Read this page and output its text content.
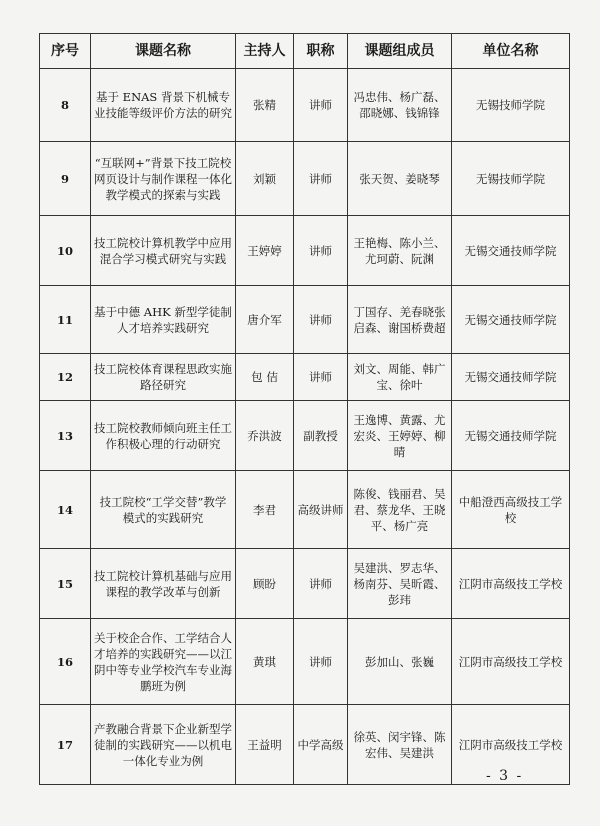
序号	课题名称	主持人	职称	课题组成员	单位名称
8	基于 ENAS 背景下机械专业技能等级评价方法的研究	张精	讲师	冯忠伟、杨广磊、邵晓娜、钱锦锋	无锡技师学院
9	“互联网+”背景下技工院校网页设计与制作课程一体化教学模式的探索与实践	刘颖	讲师	张天贺、姜晓琴	无锡技师学院
10	技工院校计算机教学中应用混合学习模式研究与实践	王婷婷	讲师	王艳梅、陈小兰、尤珂蔚、阮渊	无锡交通技师学院
11	基于中德 AHK 新型学徒制人才培养实践研究	唐介军	讲师	丁国存、羌春晓张启森、谢国桥费超	无锡交通技师学院
12	技工院校体育课程思政实施路径研究	包 佶	讲师	刘文、周能、韩广宝、徐叶	无锡交通技师学院
13	技工院校教师倾向班主任工作积极心理的行动研究	乔洪波	副教授	王逸博、黄露、尤宏炎、王婷婷、柳晴	无锡交通技师学院
14	技工院校“工学交替”教学模式的实践研究	李君	高级讲师	陈俊、钱丽君、吴君、蔡龙华、王晓平、杨广亮	中船澄西高级技工学校
15	技工院校计算机基础与应用课程的教学改革与创新	顾盼	讲师	吴建洪、罗志华、杨南芬、吴昕霞、彭玮	江阴市高级技工学校
16	关于校企合作、工学结合人才培养的实践研究——以江阴中等专业学校汽车专业海鹏班为例	黄琪	讲师	彭加山、张巍	江阴市高级技工学校
17	产教融合背景下企业新型学徒制的实践研究——以机电一体化专业为例	王益明	中学高级	徐英、闵宇锋、陈宏伟、吴建洪	江阴市高级技工学校
- 3 -
